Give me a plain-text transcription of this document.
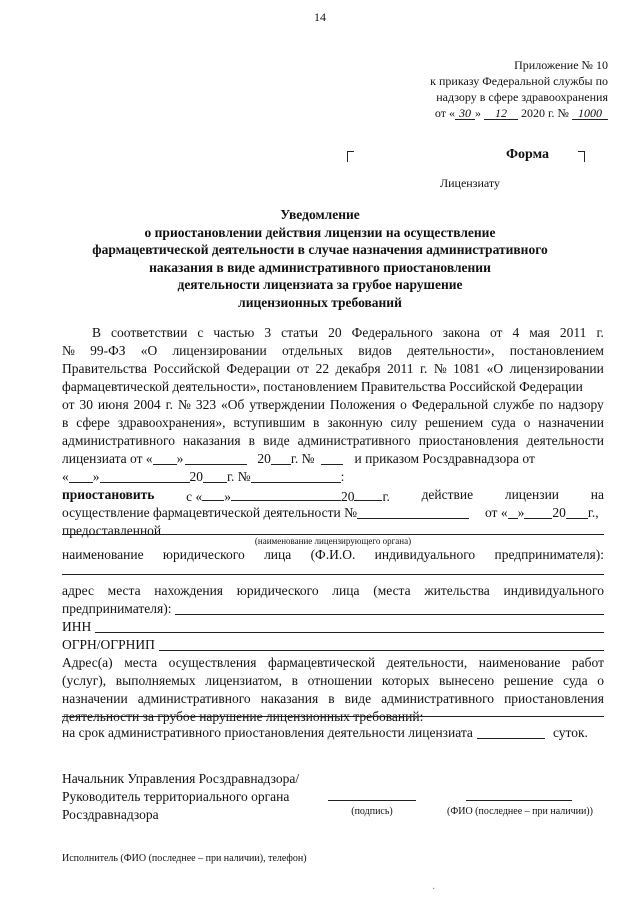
14
Приложение № 10
к приказу Федеральной службы по
надзору в сфере здравоохранения
от « 30 » 12 2020 г. № 1000
Форма
Лицензиату
Уведомление
о приостановлении действия лицензии на осуществление
фармацевтической деятельности в случае назначения административного
наказания в виде административного приостановлении
деятельности лицензиата за грубое нарушение
лицензионных требований
В соответствии с частью 3 статьи 20 Федерального закона от 4 мая 2011 г.
№ 99-ФЗ «О лицензировании отдельных видов деятельности», постановлением
Правительства Российской Федерации от 22 декабря 2011 г. № 1081 «О лицензировании
фармацевтической деятельности», постановлением Правительства Российской Федерации
от 30 июня 2004 г. № 323 «Об утверждении Положения о Федеральной службе по надзору
в сфере здравоохранения», вступившим в законную силу решением суда о назначении
административного наказания в виде административного приостановления деятельности
лицензиата от « »	20 г. №	и приказом Росздравнадзора от
« »	20 г. №	:
приостановить с « »	20 г. действие лицензии на
осуществление фармацевтической деятельности №	от « » 20 г.,
предоставленной
(наименование лицензирующего органа)
наименование юридического лица (Ф.И.О. индивидуального предпринимателя):
адрес места нахождения юридического лица (места жительства индивидуального
предпринимателя):
ИНН
ОГРН/ОГРНИП
Адрес(а) места осуществления фармацевтической деятельности, наименование работ
(услуг), выполняемых лицензиатом, в отношении которых вынесено решение суда о
назначении административного наказания в виде административного приостановления
деятельности за грубое нарушение лицензионных требований:
на срок административного приостановления деятельности лицензиата	суток.
Начальник Управления Росздравнадзора/
Руководитель территориального органа
Росздравнадзора	(подпись)	(ФИО (последнее – при наличии))
Исполнитель (ФИО (последнее – при наличии), телефон)
·
